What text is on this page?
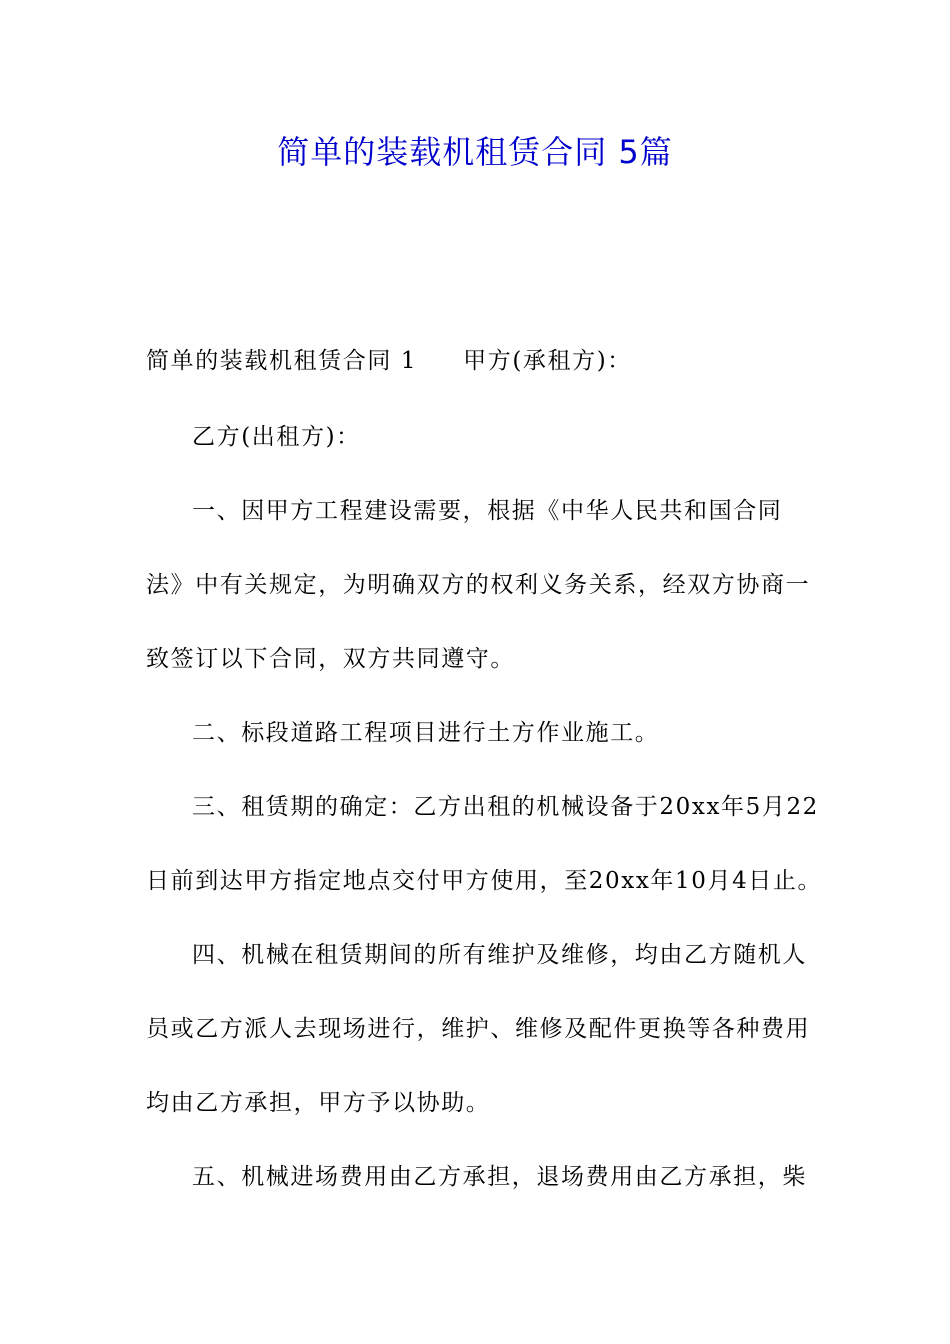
简单的装载机租赁合同 5篇
简单的装载机租赁合同 1 甲方(承租方)：
乙方(出租方)：
一、因甲方工程建设需要，根据《中华人民共和国合同
法》中有关规定，为明确双方的权利义务关系，经双方协商一
致签订以下合同，双方共同遵守。
二、标段道路工程项目进行土方作业施工。
三、租赁期的确定：乙方出租的机械设备于20xx年5月22
日前到达甲方指定地点交付甲方使用，至20xx年10月4日止。
四、机械在租赁期间的所有维护及维修，均由乙方随机人
员或乙方派人去现场进行，维护、维修及配件更换等各种费用
均由乙方承担，甲方予以协助。
五、机械进场费用由乙方承担，退场费用由乙方承担，柴
